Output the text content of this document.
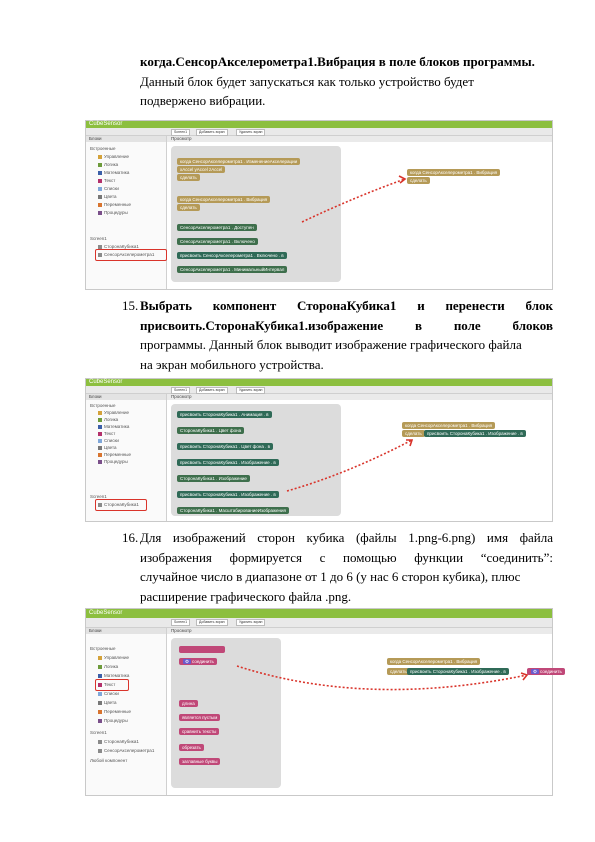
когда.СенсорАкселерометра1.Вибрация в поле блоков программы.
Данный блок будет запускаться как только устройство будет
подвержено вибрации.
CubeSensor
Screen1	Добавить экран	Удалить экран
Блоки
Встроенные
Управление
Логика
Математика
Текст
Списки
Цвета
Переменные
Процедуры
Screen1
СторонаКубика1
СенсорАкселерометра1
Просмотр
когда СенсорАкселерометра1 . ИзменениеАкселерации
xAccel yAccel zAccel
сделать
когда СенсорАкселерометра1 . Вибрация
сделать
СенсорАкселерометра1 . Доступен
СенсорАкселерометра1 . Включено
присвоить СенсорАкселерометра1 . Включено . в
СенсорАкселерометра1 . МинимальныйИнтервал
когда СенсорАкселерометра1 . Вибрация
сделать
15. Выбрать компонент СторонаКубика1 и перенести блок
присвоить.СторонаКубика1.изображение в поле блоков
программы. Данный блок выводит изображение графического файла
на экран мобильного устройства.
CubeSensor
Screen1	Добавить экран	Удалить экран
Блоки
Встроенные
Управление
Логика
Математика
Текст
Списки
Цвета
Переменные
Процедуры
Screen1
СторонаКубика1
Просмотр
присвоить СторонаКубика1 . Анимация . в
СторонаКубика1 . Цвет фона
присвоить СторонаКубика1 . Цвет фона . в
присвоить СторонаКубика1 . Изображение . в
СторонаКубика1 . Изображение
присвоить СторонаКубика1 . Изображение . в
СторонаКубика1 . МасштабированиеИзображения
когда СенсорАкселерометра1 . Вибрация
сделать	присвоить СторонаКубика1 . Изображение . в
16. Для изображений сторон кубика (файлы 1.png-6.png) имя файла
изображения формируется с помощью функции “соединить”:
случайное число в диапазоне от 1 до 6 (у нас 6 сторон кубика), плюс
расширение графического файла .png.
CubeSensor
Screen1	Добавить экран	Удалить экран
Блоки
Встроенные
Управление
Логика
Математика
Текст
Списки
Цвета
Переменные
Процедуры
Screen1
СторонаКубика1
СенсорАкселерометра1
Любой компонент
Просмотр
⚙ соединить
длина
является пустым
сравнить тексты
обрезать
заглавные буквы
когда СенсорАкселерометра1 . Вибрация
сделать присвоить СторонаКубика1 . Изображение . в	⚙ соединить
